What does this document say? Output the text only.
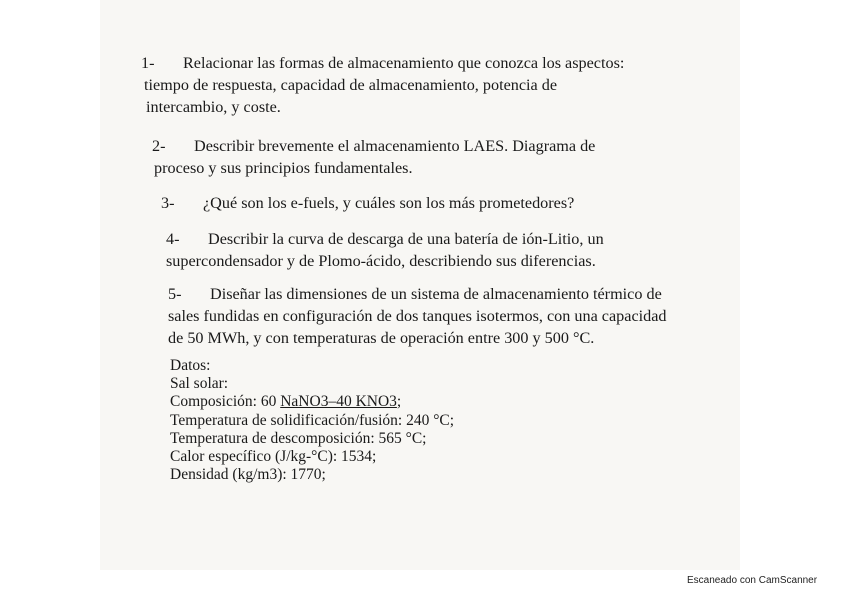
1- Relacionar las formas de almacenamiento que conozca los aspectos:
tiempo de respuesta, capacidad de almacenamiento, potencia de
intercambio, y coste.
2- Describir brevemente el almacenamiento LAES. Diagrama de
proceso y sus principios fundamentales.
3- ¿Qué son los e-fuels, y cuáles son los más prometedores?
4- Describir la curva de descarga de una batería de ión-Litio, un
supercondensador y de Plomo-ácido, describiendo sus diferencias.
5- Diseñar las dimensiones de un sistema de almacenamiento térmico de
sales fundidas en configuración de dos tanques isotermos, con una capacidad
de 50 MWh, y con temperaturas de operación entre 300 y 500 °C.
Datos:
Sal solar:
Composición: 60 NaNO3–40 KNO3;
Temperatura de solidificación/fusión: 240 °C;
Temperatura de descomposición: 565 °C;
Calor específico (J/kg-°C): 1534;
Densidad (kg/m3): 1770;
Escaneado con CamScanner
